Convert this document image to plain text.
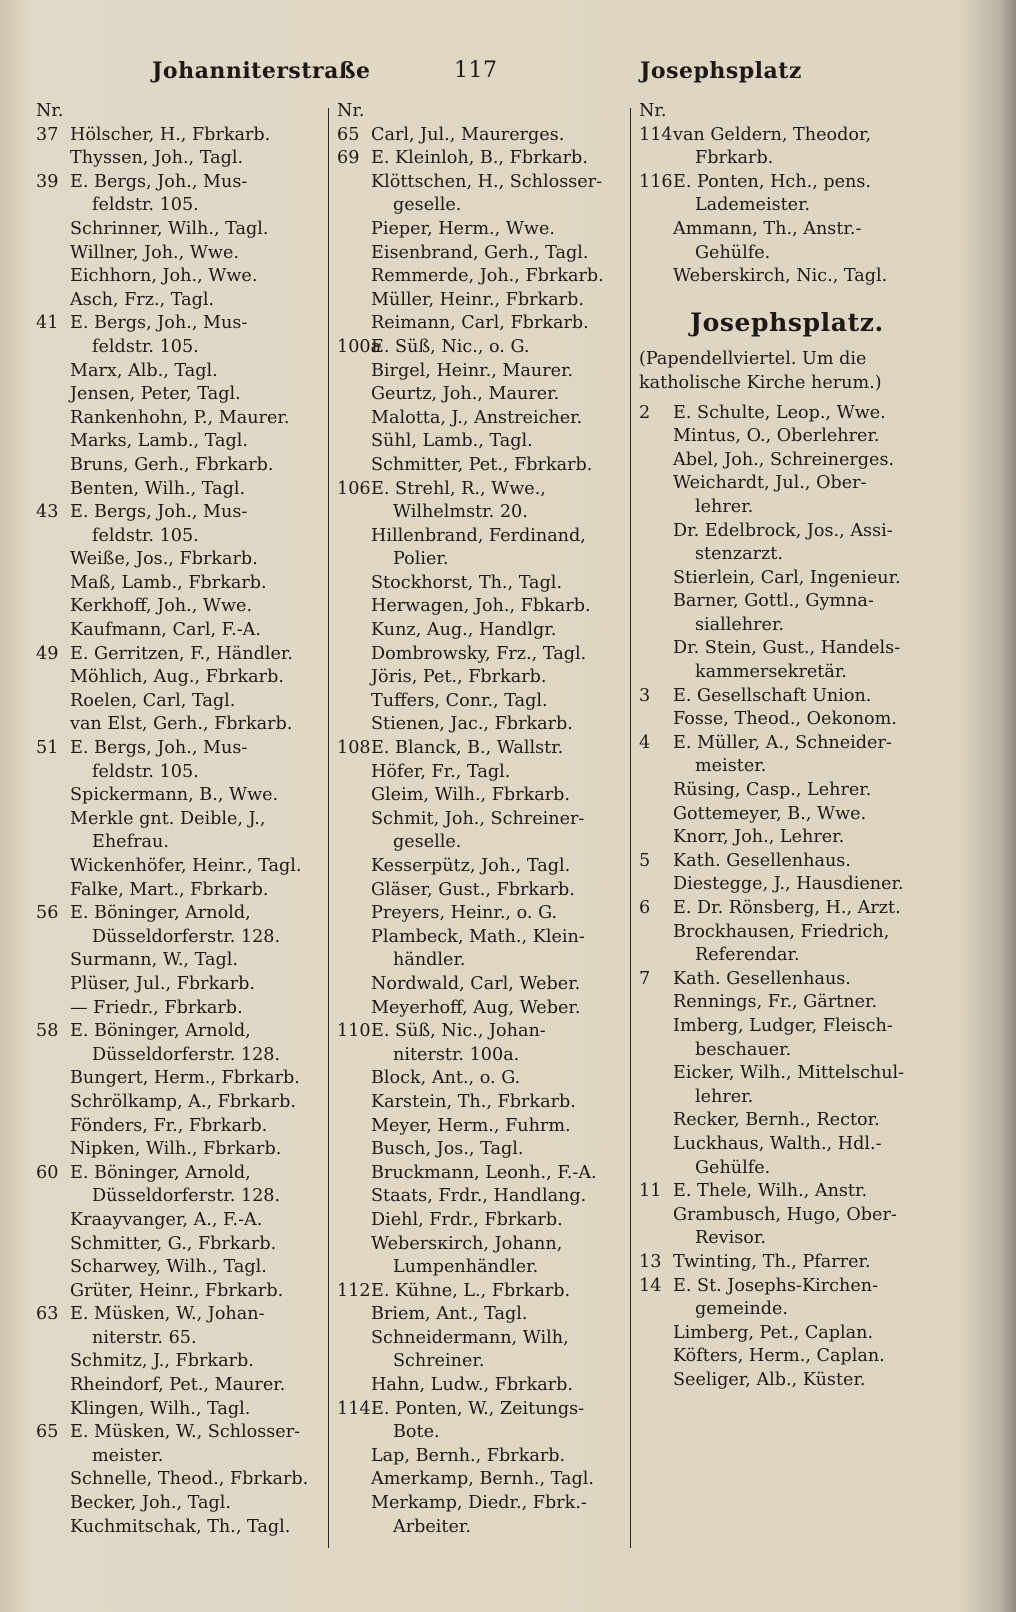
Johanniterstraße	117	Josephsplatz
Nr.
37 Hölscher, H., Fbrkarb.
Thyssen, Joh., Tagl.
39 E. Bergs, Joh., Mus-
feldstr. 105.
Schrinner, Wilh., Tagl.
Willner, Joh., Wwe.
Eichhorn, Joh., Wwe.
Asch, Frz., Tagl.
41 E. Bergs, Joh., Mus-
feldstr. 105.
Marx, Alb., Tagl.
Jensen, Peter, Tagl.
Rankenhohn, P., Maurer.
Marks, Lamb., Tagl.
Bruns, Gerh., Fbrkarb.
Benten, Wilh., Tagl.
43 E. Bergs, Joh., Mus-
feldstr. 105.
Weiße, Jos., Fbrkarb.
Maß, Lamb., Fbrkarb.
Kerkhoff, Joh., Wwe.
Kaufmann, Carl, F.-A.
49 E. Gerritzen, F., Händler.
Möhlich, Aug., Fbrkarb.
Roelen, Carl, Tagl.
van Elst, Gerh., Fbrkarb.
51 E. Bergs, Joh., Mus-
feldstr. 105.
Spickermann, B., Wwe.
Merkle gnt. Deible, J.,
Ehefrau.
Wickenhöfer, Heinr., Tagl.
Falke, Mart., Fbrkarb.
56 E. Böninger, Arnold,
Düsseldorferstr. 128.
Surmann, W., Tagl.
Plüser, Jul., Fbrkarb.
— Friedr., Fbrkarb.
58 E. Böninger, Arnold,
Düsseldorferstr. 128.
Bungert, Herm., Fbrkarb.
Schrölkamp, A., Fbrkarb.
Fönders, Fr., Fbrkarb.
Nipken, Wilh., Fbrkarb.
60 E. Böninger, Arnold,
Düsseldorferstr. 128.
Kraayvanger, A., F.-A.
Schmitter, G., Fbrkarb.
Scharwey, Wilh., Tagl.
Grüter, Heinr., Fbrkarb.
63 E. Müsken, W., Johan-
niterstr. 65.
Schmitz, J., Fbrkarb.
Rheindorf, Pet., Maurer.
Klingen, Wilh., Tagl.
65 E. Müsken, W., Schlosser-
meister.
Schnelle, Theod., Fbrkarb.
Becker, Joh., Tagl.
Kuchmitschak, Th., Tagl.
Nr.
65 Carl, Jul., Maurerges.
69 E. Kleinloh, B., Fbrkarb.
Klöttschen, H., Schlosser-
geselle.
Pieper, Herm., Wwe.
Eisenbrand, Gerh., Tagl.
Remmerde, Joh., Fbrkarb.
Müller, Heinr., Fbrkarb.
Reimann, Carl, Fbrkarb.
100a
E. Süß, Nic., o. G.
Birgel, Heinr., Maurer.
Geurtz, Joh., Maurer.
Malotta, J., Anstreicher.
Sühl, Lamb., Tagl.
Schmitter, Pet., Fbrkarb.
106 E. Strehl, R., Wwe.,
Wilhelmstr. 20.
Hillenbrand, Ferdinand,
Polier.
Stockhorst, Th., Tagl.
Herwagen, Joh., Fbkarb.
Kunz, Aug., Handlgr.
Dombrowsky, Frz., Tagl.
Jöris, Pet., Fbrkarb.
Tuffers, Conr., Tagl.
Stienen, Jac., Fbrkarb.
108 E. Blanck, B., Wallstr.
Höfer, Fr., Tagl.
Gleim, Wilh., Fbrkarb.
Schmit, Joh., Schreiner-
geselle.
Kesserpütz, Joh., Tagl.
Gläser, Gust., Fbrkarb.
Preyers, Heinr., o. G.
Plambeck, Math., Klein-
händler.
Nordwald, Carl, Weber.
Meyerhoff, Aug, Weber.
110 E. Süß, Nic., Johan-
niterstr. 100a.
Block, Ant., o. G.
Karstein, Th., Fbrkarb.
Meyer, Herm., Fuhrm.
Busch, Jos., Tagl.
Bruckmann, Leonh., F.-A.
Staats, Frdr., Handlang.
Diehl, Frdr., Fbrkarb.
Webersкirch, Johann,
Lumpenhändler.
112 E. Kühne, L., Fbrkarb.
Briem, Ant., Tagl.
Schneidermann, Wilh,
Schreiner.
Hahn, Ludw., Fbrkarb.
114 E. Ponten, W., Zeitungs-
Bote.
Lap, Bernh., Fbrkarb.
Amerkamp, Bernh., Tagl.
Merkamp, Diedr., Fbrk.-
Arbeiter.
Nr.
114 van Geldern, Theodor,
Fbrkarb.
116 E. Ponten, Hch., pens.
Lademeister.
Ammann, Th., Anstr.-
Gehülfe.
Weberskirch, Nic., Tagl.
Josephsplatz.
(Papendellviertel. Um die
katholische Kirche herum.)
2 E. Schulte, Leop., Wwe.
Mintus, O., Oberlehrer.
Abel, Joh., Schreinerges.
Weichardt, Jul., Ober-
lehrer.
Dr. Edelbrock, Jos., Assi-
stenzarzt.
Stierlein, Carl, Ingenieur.
Barner, Gottl., Gymna-
siallehrer.
Dr. Stein, Gust., Handels-
kammersekretär.
3 E. Gesellschaft Union.
Fosse, Theod., Oekonom.
4 E. Müller, A., Schneider-
meister.
Rüsing, Casp., Lehrer.
Gottemeyer, B., Wwe.
Knorr, Joh., Lehrer.
5 Kath. Gesellenhaus.
Diestegge, J., Hausdiener.
6 E. Dr. Rönsberg, H., Arzt.
Brockhausen, Friedrich,
Referendar.
7 Kath. Gesellenhaus.
Rennings, Fr., Gärtner.
Imberg, Ludger, Fleisch-
beschauer.
Eicker, Wilh., Mittelschul-
lehrer.
Recker, Bernh., Rector.
Luckhaus, Walth., Hdl.-
Gehülfe.
11 E. Thele, Wilh., Anstr.
Grambusch, Hugo, Ober-
Revisor.
13 Twinting, Th., Pfarrer.
14 E. St. Josephs-Kirchen-
gemeinde.
Limberg, Pet., Caplan.
Köfters, Herm., Caplan.
Seeliger, Alb., Küster.
